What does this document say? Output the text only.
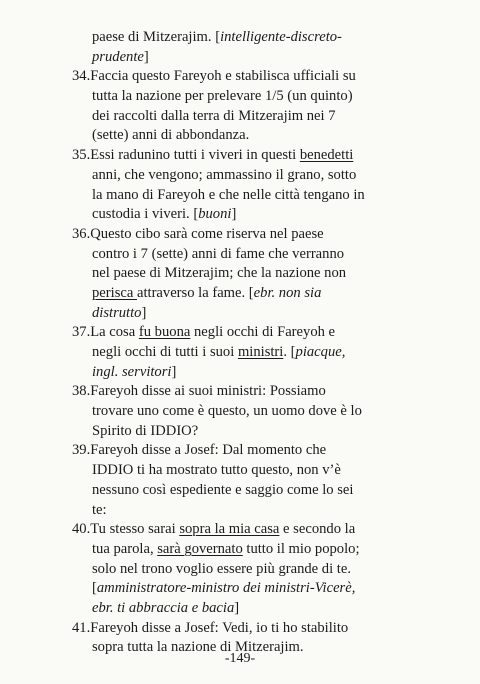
paese di Mitzerajim. [intelligente-discreto-
prudente]
34.Faccia questo Fareyoh e stabilisca ufficiali su
tutta la nazione per prelevare 1/5 (un quinto)
dei raccolti dalla terra di Mitzerajim nei 7
(sette) anni di abbondanza.
35.Essi radunino tutti i viveri in questi benedetti
anni, che vengono; ammassino il grano, sotto
la mano di Fareyoh e che nelle città tengano in
custodia i viveri. [buoni]
36.Questo cibo sarà come riserva nel paese
contro i 7 (sette) anni di fame che verranno
nel paese di Mitzerajim; che la nazione non
perisca attraverso la fame. [ebr. non sia
distrutto]
37.La cosa fu buona negli occhi di Fareyoh e
negli occhi di tutti i suoi ministri. [piacque,
ingl. servitori]
38.Fareyoh disse ai suoi ministri: Possiamo
trovare uno come è questo, un uomo dove è lo
Spirito di IDDIO?
39.Fareyoh disse a Josef: Dal momento che
IDDIO ti ha mostrato tutto questo, non v’è
nessuno così espediente e saggio come lo sei
te:
40.Tu stesso sarai sopra la mia casa e secondo la
tua parola, sarà governato tutto il mio popolo;
solo nel trono voglio essere più grande di te.
[amministratore-ministro dei ministri-Vicerè,
ebr. ti abbraccia e bacia]
41.Fareyoh disse a Josef: Vedi, io ti ho stabilito
sopra tutta la nazione di Mitzerajim.
-149-
